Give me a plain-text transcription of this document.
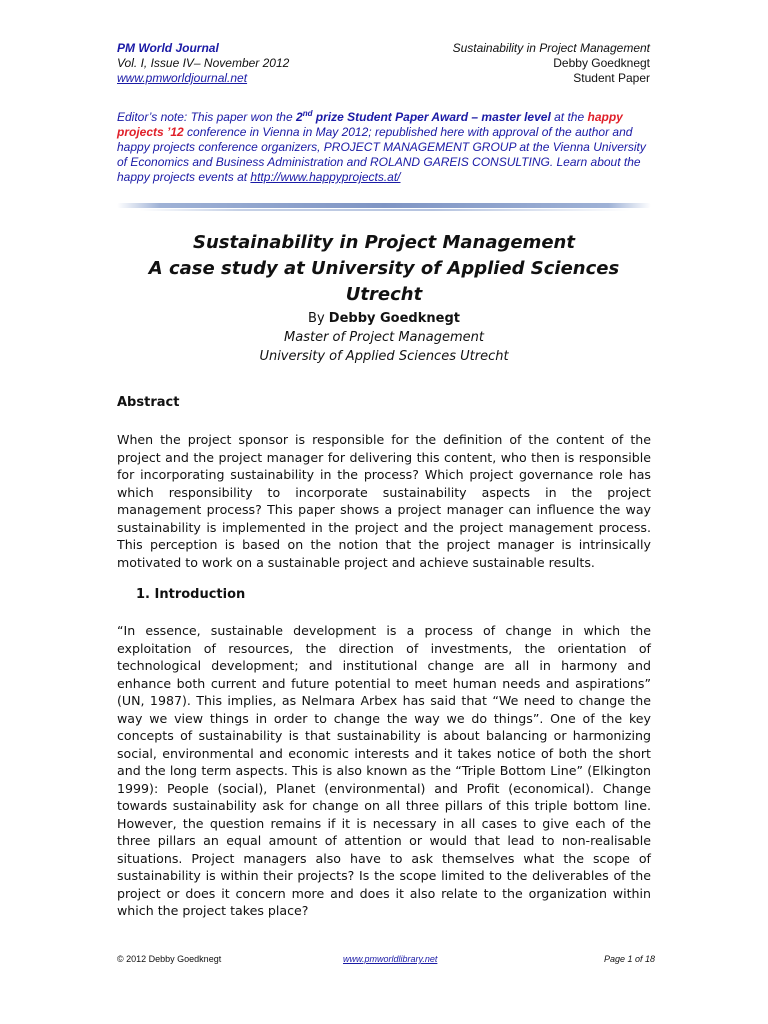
PM World Journal
Vol. I, Issue IV– November 2012
www.pmworldjournal.net
Sustainability in Project Management
Debby Goedknegt
Student Paper
Editor’s note: This paper won the 2nd prize Student Paper Award – master level at the happy projects ’12 conference in Vienna in May 2012; republished here with approval of the author and happy projects conference organizers, PROJECT MANAGEMENT GROUP at the Vienna University of Economics and Business Administration and ROLAND GAREIS CONSULTING. Learn about the happy projects events at http://www.happyprojects.at/
Sustainability in Project Management
A case study at University of Applied Sciences Utrecht
By Debby Goedknegt
Master of Project Management
University of Applied Sciences Utrecht
Abstract
When the project sponsor is responsible for the definition of the content of the project and the project manager for delivering this content, who then is responsible for incorporating sustainability in the process? Which project governance role has which responsibility to incorporate sustainability aspects in the project management process? This paper shows a project manager can influence the way sustainability is implemented in the project and the project management process. This perception is based on the notion that the project manager is intrinsically motivated to work on a sustainable project and achieve sustainable results.
1. Introduction
“In essence, sustainable development is a process of change in which the exploitation of resources, the direction of investments, the orientation of technological development; and institutional change are all in harmony and enhance both current and future potential to meet human needs and aspirations” (UN, 1987). This implies, as Nelmara Arbex has said that “We need to change the way we view things in order to change the way we do things”. One of the key concepts of sustainability is that sustainability is about balancing or harmonizing social, environmental and economic interests and it takes notice of both the short and the long term aspects. This is also known as the “Triple Bottom Line” (Elkington 1999): People (social), Planet (environmental) and Profit (economical). Change towards sustainability ask for change on all three pillars of this triple bottom line. However, the question remains if it is necessary in all cases to give each of the three pillars an equal amount of attention or would that lead to non-realisable situations. Project managers also have to ask themselves what the scope of sustainability is within their projects? Is the scope limited to the deliverables of the project or does it concern more and does it also relate to the organization within which the project takes place?
© 2012 Debby Goedknegt	www.pmworldlibrary.net	Page 1 of 18
